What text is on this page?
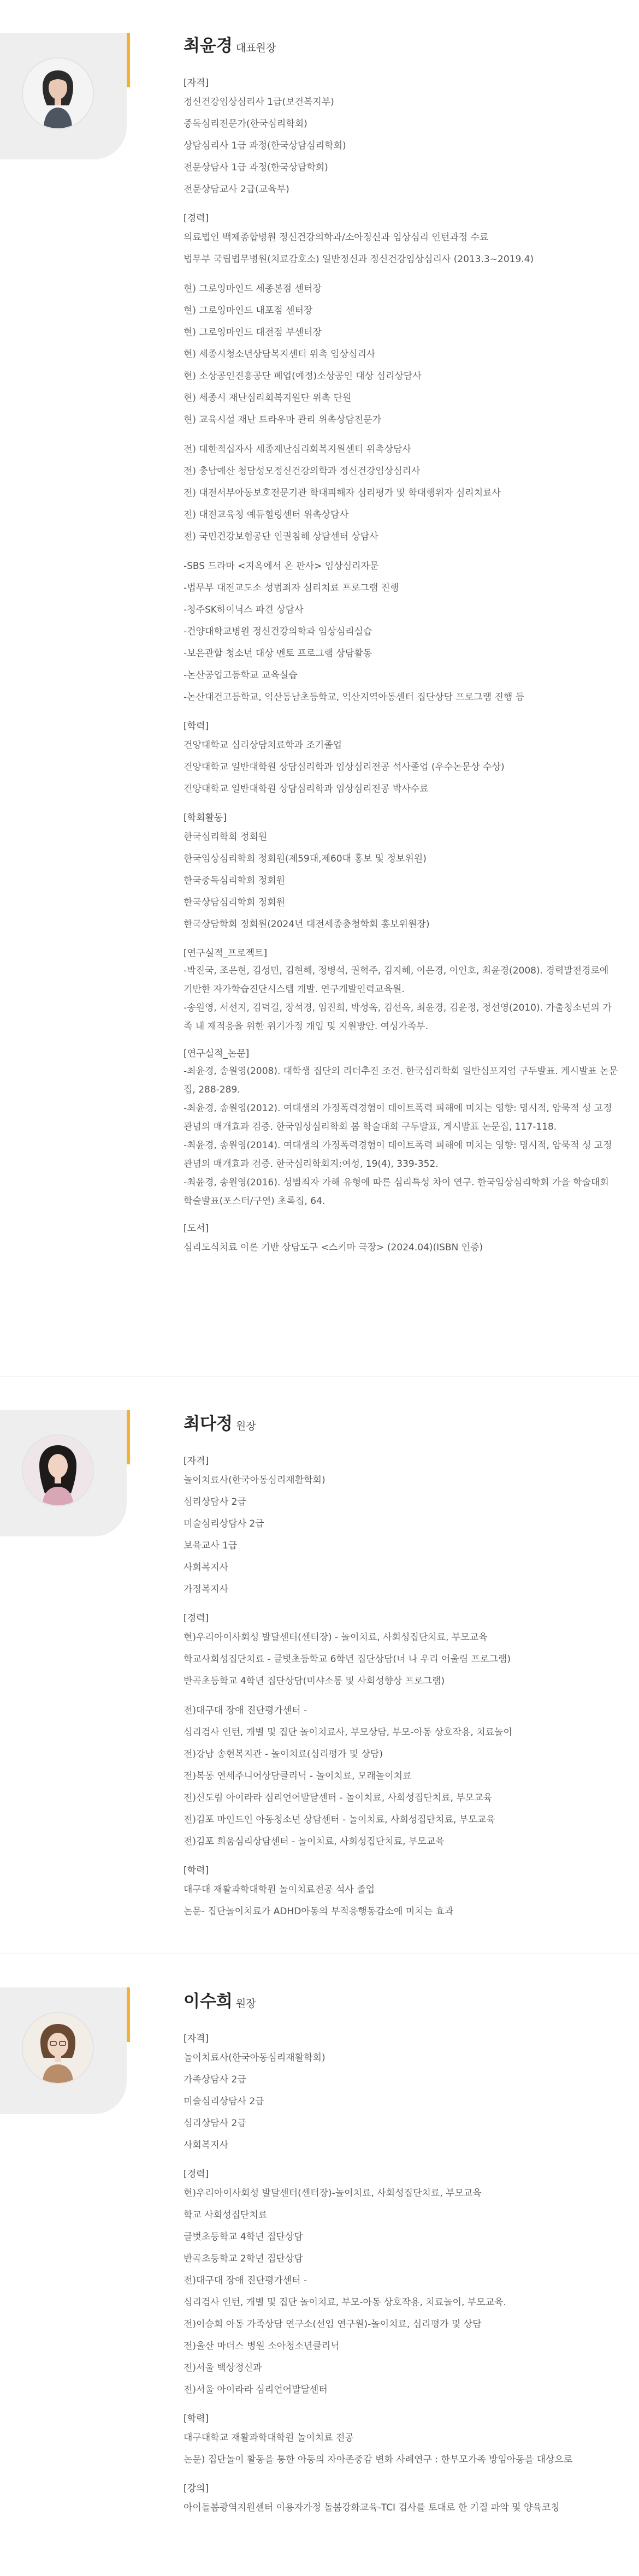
최윤경 대표원장
[자격]
정신건강임상심리사 1급(보건복지부)
중독심리전문가(한국심리학회)
상담심리사 1급 과정(한국상담심리학회)
전문상담사 1급 과정(한국상담학회)
전문상담교사 2급(교육부)
[경력]
의료법인 백제종합병원 정신건강의학과/소아정신과 임상심리 인턴과정 수료
법무부 국립법무병원(치료감호소) 일반정신과 정신건강임상심리사 (2013.3~2019.4)
현) 그로잉마인드 세종본점 센터장
현) 그로잉마인드 내포점 센터장
현) 그로잉마인드 대전점 부센터장
현) 세종시청소년상담복지센터 위촉 임상심리사
현) 소상공인진흥공단 폐업(예정)소상공인 대상 심리상담사
현) 세종시 재난심리회복지원단 위촉 단원
현) 교육시설 재난 트라우마 관리 위촉상담전문가
전) 대한적십자사 세종재난심리회복지원센터 위촉상담사
전) 충남예산 청담성모정신건강의학과 정신건강임상심리사
전) 대전서부아동보호전문기관 학대피해자 심리평가 및 학대행위자 심리치료사
전) 대전교육청 예듀힐링센터 위촉상담사
전) 국민건강보험공단 인권침해 상담센터 상담사
-SBS 드라마 <지옥에서 온 판사> 임상심리자문
-법무부 대전교도소 성범죄자 심리치료 프로그램 진행
-청주SK하이닉스 파견 상담사
-건양대학교병원 정신건강의학과 임상심리실습
-보은관할 청소년 대상 멘토 프로그램 상담활동
-논산공업고등학교 교육실습
-논산대건고등학교, 익산동남초등학교, 익산지역아동센터 집단상담 프로그램 진행 등
[학력]
건양대학교 심리상담치료학과 조기졸업
건양대학교 일반대학원 상담심리학과 임상심리전공 석사졸업 (우수논문상 수상)
건양대학교 일반대학원 상담심리학과 임상심리전공 박사수료
[학회활동]
한국심리학회 정회원
한국임상심리학회 정회원(제59대,제60대 홍보 및 정보위원)
한국중독심리학회 정회원
한국상담심리학회 정회원
한국상담학회 정회원(2024년 대전세종충청학회 홍보위원장)
[연구실적_프로젝트]
-박진국, 조은현, 김성민, 김현해, 정병석, 권혁주, 김지혜, 이은경, 이인호, 최윤경(2008). 경력발전경로에 기반한 자가학습진단시스템 개발. 연구개발인력교육원.
-송원영, 서선지, 김덕길, 장석경, 임진희, 박성옥, 김선옥, 최윤경, 김윤정, 정선영(2010). 가출청소년의 가족 내 재적응을 위한 위기가정 개입 및 지원방안. 여성가족부.
[연구실적_논문]
-최윤경, 송원영(2008). 대학생 집단의 리더추진 조건. 한국심리학회 일반심포지엄 구두발표. 게시발표 논문집, 288-289.
-최윤경, 송원영(2012). 여대생의 가정폭력경험이 데이트폭력 피해에 미치는 영향: 명시적, 암묵적 성 고정관념의 매개효과 검증. 한국임상심리학회 봄 학술대회 구두발표, 게시발표 논문집, 117-118.
-최윤경, 송원영(2014). 여대생의 가정폭력경험이 데이트폭력 피해에 미치는 영향: 명시적, 암묵적 성 고정관념의 매개효과 검증. 한국심리학회지:여성, 19(4), 339-352.
-최윤경, 송원영(2016). 성범죄자 가해 유형에 따른 심리특성 차이 연구. 한국임상심리학회 가을 학술대회 학술발표(포스터/구연) 초록집, 64.
[도서]
심리도식치료 이론 기반 상담도구 <스키마 극장> (2024.04)(ISBN 인증)
최다정 원장
[자격]
놀이치료사(한국아동심리재활학회)
심리상담사 2급
미술심리상담사 2급
보육교사 1급
사회복지사
가정복지사
[경력]
현)우리아이사회성 발달센터(센터장) - 놀이치료, 사회성집단치료, 부모교육
학교사회성집단치료 - 글벗초등학교 6학년 집단상담(너 나 우리 어울림 프로그램)
반곡초등학교 4학년 집단상담(미샤소통 및 사회성향상 프로그램)
전)대구대 장애 진단평가센터 -
심리검사 인턴, 개별 및 집단 놀이치료사, 부모상담, 부모-아동 상호작용, 치료놀이
전)강남 송현복지관 - 놀이치료(심리평가 및 상담)
전)복동 연세주니어상담클리닉 - 놀이치료, 모래놀이치료
전)신도림 아이라라 심리언어발달센터 - 놀이치료, 사회성집단치료, 부모교육
전)김포 마인드인 아동청소년 상담센터 - 놀이치료, 사회성집단치료, 부모교육
전)김포 희움심리상담센터 - 놀이치료, 사회성집단치료, 부모교육
[학력]
대구대 재활과학대학원 놀이치료전공 석사 졸업
논문- 집단놀이치료가 ADHD아동의 부적응행동감소에 미치는 효과
이수희 원장
[자격]
놀이치료사(한국아동심리재활학회)
가족상담사 2급
미술심리상담사 2급
심리상담사 2급
사회복지사
[경력]
현)우리아이사회성 발달센터(센터장)-놀이치료, 사회성집단치료, 부모교육
학교 사회성집단치료
글벗초등학교 4학년 집단상담
반곡초등학교 2학년 집단상담
전)대구대 장애 진단평가센터 -
심리검사 인턴, 개별 및 집단 놀이치료, 부모-아동 상호작용, 치료놀이, 부모교육.
전)이승희 아동 가족상담 연구소(선임 연구원)-놀이치료, 심리평가 및 상담
전)울산 마더스 병원 소아청소년클리닉
전)서울 백상정신과
전)서울 아이라라 심리언어발달센터
[학력]
대구대학교 재활과학대학원 놀이치료 전공
논문) 집단놀이 활동을 통한 아동의 자아존중감 변화 사례연구 : 한부모가족 방임아동을 대상으로
[강의]
아이돌봄광역지원센터 이용자가정 돌봄강화교육-TCI 검사를 토대로 한 기질 파악 및 양육코칭
